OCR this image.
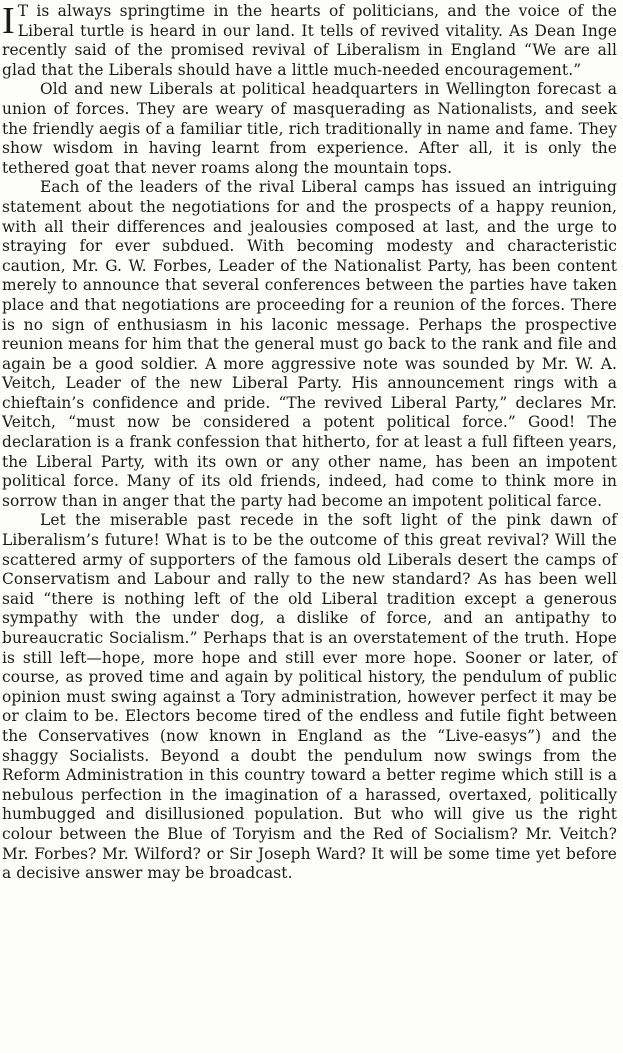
I T is always springtime in the hearts of politicians, and the voice of the Liberal turtle is heard in our land. It tells of revived vitality. As Dean Inge recently said of the promised revival of Liberalism in England “We are all glad that the Liberals should have a little much-needed encouragement.”

Old and new Liberals at political headquarters in Wellington forecast a union of forces. They are weary of masquerading as Nationalists, and seek the friendly aegis of a familiar title, rich traditionally in name and fame. They show wisdom in having learnt from experience. After all, it is only the tethered goat that never roams along the mountain tops.

Each of the leaders of the rival Liberal camps has issued an intriguing statement about the negotiations for and the prospects of a happy reunion, with all their differences and jealousies composed at last, and the urge to straying for ever subdued. With becoming modesty and characteristic caution, Mr. G. W. Forbes, Leader of the Nationalist Party, has been content merely to announce that several conferences between the parties have taken place and that negotiations are proceeding for a reunion of the forces. There is no sign of enthusiasm in his laconic message. Perhaps the prospective reunion means for him that the general must go back to the rank and file and again be a good soldier. A more aggressive note was sounded by Mr. W. A. Veitch, Leader of the new Liberal Party. His announcement rings with a chieftain’s confidence and pride. “The revived Liberal Party,” declares Mr. Veitch, “must now be considered a potent political force.” Good! The declaration is a frank confession that hitherto, for at least a full fifteen years, the Liberal Party, with its own or any other name, has been an impotent political force. Many of its old friends, indeed, had come to think more in sorrow than in anger that the party had become an impotent political farce.

Let the miserable past recede in the soft light of the pink dawn of Liberalism’s future! What is to be the outcome of this great revival? Will the scattered army of supporters of the famous old Liberals desert the camps of Conservatism and Labour and rally to the new standard? As has been well said “there is nothing left of the old Liberal tradition except a generous sympathy with the under dog, a dislike of force, and an antipathy to bureaucratic Socialism.” Perhaps that is an overstatement of the truth. Hope is still left—hope, more hope and still ever more hope. Sooner or later, of course, as proved time and again by political history, the pendulum of public opinion must swing against a Tory administration, however perfect it may be or claim to be. Electors become tired of the endless and futile fight between the Conservatives (now known in England as the “Live-easys”) and the shaggy Socialists. Beyond a doubt the pendulum now swings from the Reform Administration in this country toward a better regime which still is a nebulous perfection in the imagination of a harassed, overtaxed, politically humbugged and disillusioned population. But who will give us the right colour between the Blue of Toryism and the Red of Socialism? Mr. Veitch? Mr. Forbes? Mr. Wilford? or Sir Joseph Ward? It will be some time yet before a decisive answer may be broadcast.
